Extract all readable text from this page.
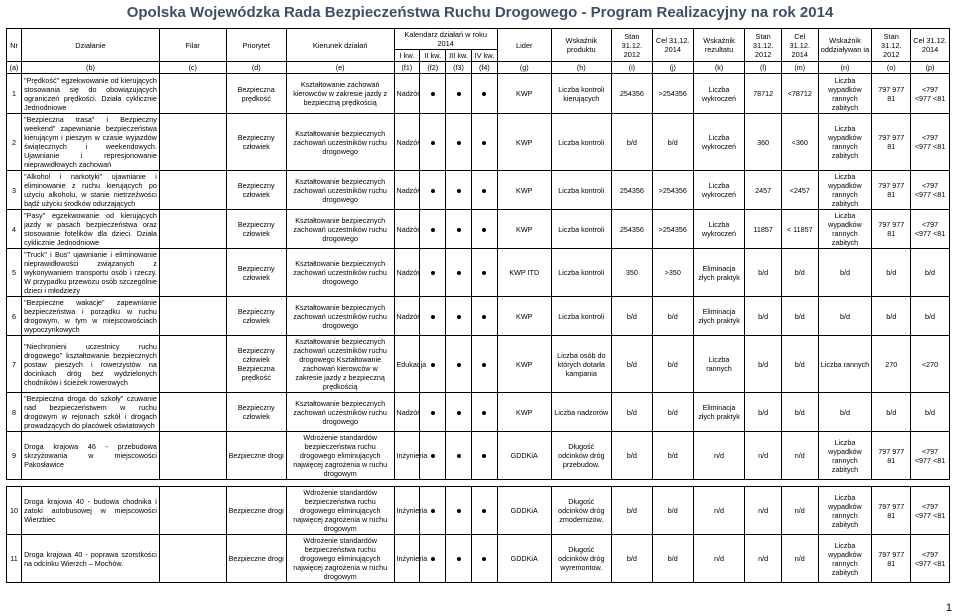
Opolska Wojewódzka Rada Bezpieczeństwa Ruchu Drogowego - Program Realizacyjny na rok 2014
Nr	Działanie	Filar	Priorytet	Kierunek działań	Kalendarz działań w roku 2014				Lider	Wskaźnik produktu	Stan 31.12. 2012	Cel 31.12. 2014	Wskaźnik rezultatu	Stan 31.12. 2012	Cel 31.12. 2014	Wskaźnik oddziaływan ia	Stan 31.12. 2012	Cel 31.12. 2014
					I kw.	II kw.	III kw.	IV kw.										
(a)	(b)	(c)	(d)	(e)	(f1)	(f2)	(f3)	(f4)	(g)	(h)	(i)	(j)	(k)	(l)	(m)	(n)	(o)	(p)
1	"Prędkość" egzekwowanie od kierujących stosowania się do obowiązujących ograniczeń prędkości. Działa cyklicznie Jednodniowe		Bezpieczna prędkość	Kształtowanie zachowań kierowców w zakresie jazdy z bezpieczną prędkością	Nadzór				KWP	Liczba kontroli kierujących	254356	>254356	Liczba wykroczeń	78712	<78712	Liczba wypadków rannych zabitych	797 977 81	<797 <977 <81
2	"Bezpieczna trasa" i Bezpieczny weekend" zapewnianie bezpieczeństwa kierującym i pieszym w czasie wyjazdów świątecznych i weekendowych. Ujawnianie i represjonowanie nieprawidłowych zachowań		Bezpieczny człowiek	Kształtowanie bezpiecznych zachowań uczestników ruchu drogowego	Nadzór				KWP	Liczba kontroli	b/d	b/d	Liczba wykroczeń	360	<360	Liczba wypadków rannych zabitych	797 977 81	<797 <977 <81
3	"Alkohol i narkotyki" ujawnianie i eliminowanie z ruchu kierujących po użyciu alkoholu, w stanie nietrzeźwości bądź użyciu środków odurzających		Bezpieczny człowiek	Kształtowanie bezpiecznych zachowań uczestników ruchu drogowego	Nadzór				KWP	Liczba kontroli	254356	>254356	Liczba wykroczeń	2457	<2457	Liczba wypadków rannych zabitych	797 977 81	<797 <977 <81
4	"Pasy" egzekwowanie od kierujących jazdy w pasach bezpieczeństwa oraz stosowanie fotelików dla dzieci. Działa cyklicznie Jednodniowe		Bezpieczny człowiek	Kształtowanie bezpiecznych zachowań uczestników ruchu drogowego	Nadzór				KWP	Liczba kontroli	254356	>254356	Liczba wykroczeń	11857	< 11857	Liczba wypadków rannych zabitych	797 977 81	<797 <977 <81
5	"Truck" i Bus" ujawnianie i eliminowanie nieprawidłowości związanych z wykonywaniem transportu osób i rzeczy. W przypadku przewozu osób szczególnie dzieci i młodzieży		Bezpieczny człowiek	Kształtowanie bezpiecznych zachowań uczestników ruchu drogowego	Nadzór				KWP ITD	Liczba kontroli	350	>350	Eliminacja złych praktyk	b/d	b/d	b/d	b/d	b/d
6	"Bezpieczne wakacje" zapewnianie bezpieczeństwa i porządku w ruchu drogowym, w tym w miejscowościach wypoczynkowych		Bezpieczny człowiek	Kształtowanie bezpiecznych zachowań uczestników ruchu drogowego	Nadzór				KWP	Liczba kontroli	b/d	b/d	Eliminacja złych praktyk	b/d	b/d	b/d	b/d	b/d
7	"Niechronieni uczestnicy ruchu drogowego" kształtowanie bezpiecznych postaw pieszych i rowerzystów na docinkach dróg bez wydzielonych chodników i ścieżek rowerowych		Bezpieczny człowiek Bezpieczna prędkość	Kształtowanie bezpiecznych zachowań uczestników ruchu drogowego Kształtowanie zachowań kierowców w zakresie jazdy z bezpieczną prędkością	Edukacja				KWP	Liczba osób do których dotarła kampania	b/d	b/d	Liczba rannych	b/d	b/d	Liczba rannych	270	<270
8	"Bezpieczna droga do szkoły" czuwanie nad bezpieczeństwem w ruchu drogowym w rejonach szkół i drogach prowadzących do placówek oświatowych		Bezpieczny człowiek	Kształtowanie bezpiecznych zachowań uczestników ruchu drogowego	Nadzór				KWP	Liczba nadzorów	b/d	b/d	Eliminacja złych praktyk	b/d	b/d	b/d	b/d	b/d
9	Droga krajowa 46 - przebudowa skrzyżowania w miejscowości Pakosławice		Bezpieczne drogi	Wdrożenie standardów bezpieczeństwa ruchu drogowego eliminujących najwięcej zagrożenia w ruchu drogowym	Inżynieria				GDDKiA	Długość odcinków dróg przebudow.	b/d	b/d	n/d	n/d	n/d	Liczba wypadków rannych zabitych	797 977 81	<797 <977 <81

10	Droga krajowa 40 - budowa chodnika i zatoki autobusowej w miejscowości Wierzbiec		Bezpieczne drogi	Wdrożenie standardów bezpieczeństwa ruchu drogowego eliminujących najwięcej zagrożenia w ruchu drogowym	Inżynieria				GDDKiA	Długość odcinków dróg zmodernizow.	b/d	b/d	n/d	n/d	n/d	Liczba wypadków rannych zabitych	797 977 81	<797 <977 <81
11	Droga krajowa 40 - poprawa szorstkości na odcinku Wierzch – Mochów.		Bezpieczne drogi	Wdrożenie standardów bezpieczeństwa ruchu drogowego eliminujących najwięcej zagrożenia w ruchu drogowym	Inżynieria				GDDKiA	Długość odcinków dróg wyremontow.	b/d	b/d	n/d	n/d	n/d	Liczba wypadków rannych zabitych	797 977 81	<797 <977 <81
1
